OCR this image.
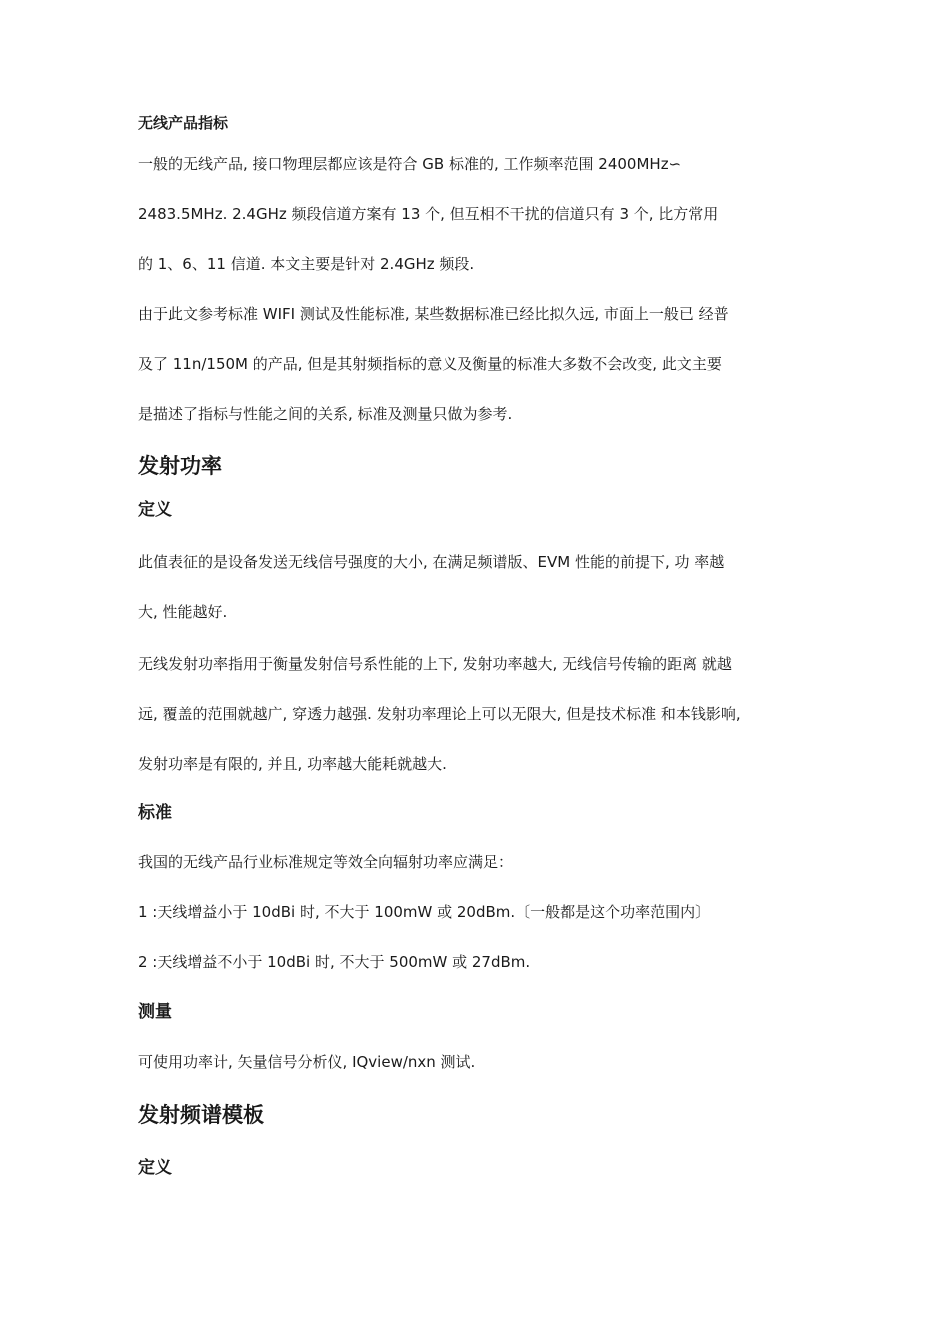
无线产品指标

一般的无线产品, 接口物理层都应该是符合 GB 标准的, 工作频率范围 2400MHz∽
2483.5MHz. 2.4GHz 频段信道方案有 13 个, 但互相不干扰的信道只有 3 个, 比方常用
的 1、6、11 信道. 本文主要是针对 2.4GHz 频段.
由于此文参考标准 WIFI 测试及性能标准, 某些数据标准已经比拟久远, 市面上一般已 经普
及了 11n/150M 的产品, 但是其射频指标的意义及衡量的标准大多数不会改变, 此文主要
是描述了指标与性能之间的关系, 标准及测量只做为参考.
发射功率
定义
此值表征的是设备发送无线信号强度的大小, 在满足频谱版、EVM 性能的前提下, 功 率越
大, 性能越好.
无线发射功率指用于衡量发射信号系性能的上下, 发射功率越大, 无线信号传输的距离 就越
远, 覆盖的范围就越广, 穿透力越强. 发射功率理论上可以无限大, 但是技术标准 和本钱影响,
发射功率是有限的, 并且, 功率越大能耗就越大.
标准
我国的无线产品行业标准规定等效全向辐射功率应满足：
1 :天线增益小于 10dBi 时, 不大于 100mW 或 20dBm.〔一般都是这个功率范围内〕
2 :天线增益不小于 10dBi 时, 不大于 500mW 或 27dBm.
测量
可使用功率计, 矢量信号分析仪, IQview/nxn 测试.
发射频谱模板
定义
